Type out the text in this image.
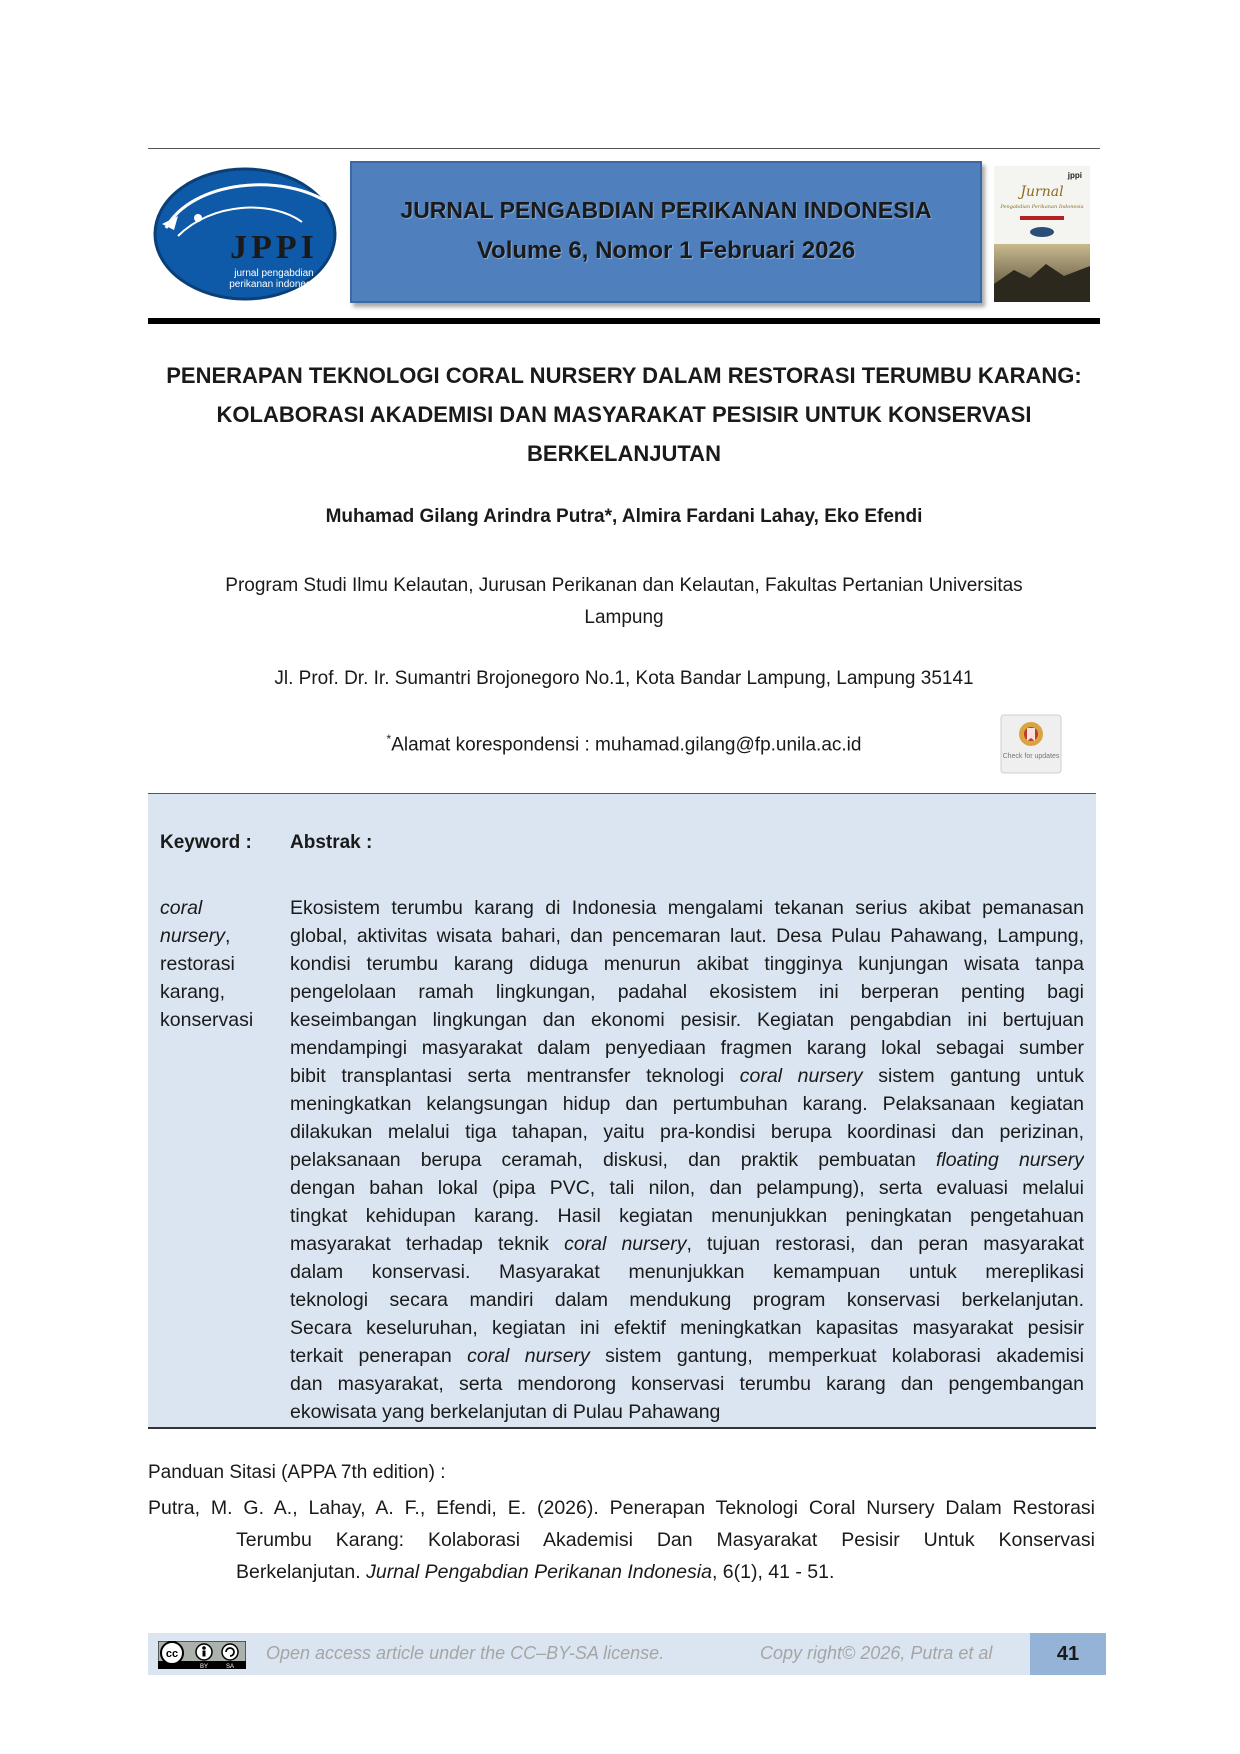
JPPI
jurnal pengabdian
perikanan indonesia
JURNAL PENGABDIAN PERIKANAN INDONESIA
Volume 6, Nomor 1 Februari 2026
jppi
Jurnal
Pengabdian Perikanan Indonesia
PENERAPAN TEKNOLOGI CORAL NURSERY DALAM RESTORASI TERUMBU KARANG:
KOLABORASI AKADEMISI DAN MASYARAKAT PESISIR UNTUK KONSERVASI
BERKELANJUTAN
Muhamad Gilang Arindra Putra*, Almira Fardani Lahay, Eko Efendi
Program Studi Ilmu Kelautan, Jurusan Perikanan dan Kelautan, Fakultas Pertanian Universitas
Lampung
Jl. Prof. Dr. Ir. Sumantri Brojonegoro No.1, Kota Bandar Lampung, Lampung 35141
*Alamat korespondensi : muhamad.gilang@fp.unila.ac.id
Check for updates
Keyword : Abstrak :
coral
nursery,
restorasi
karang,
konservasi
Ekosistem terumbu karang di Indonesia mengalami tekanan serius akibat pemanasan
global, aktivitas wisata bahari, dan pencemaran laut. Desa Pulau Pahawang, Lampung,
kondisi terumbu karang diduga menurun akibat tingginya kunjungan wisata tanpa
pengelolaan ramah lingkungan, padahal ekosistem ini berperan penting bagi
keseimbangan lingkungan dan ekonomi pesisir. Kegiatan pengabdian ini bertujuan
mendampingi masyarakat dalam penyediaan fragmen karang lokal sebagai sumber
bibit transplantasi serta mentransfer teknologi coral nursery sistem gantung untuk
meningkatkan kelangsungan hidup dan pertumbuhan karang. Pelaksanaan kegiatan
dilakukan melalui tiga tahapan, yaitu pra-kondisi berupa koordinasi dan perizinan,
pelaksanaan berupa ceramah, diskusi, dan praktik pembuatan floating nursery
dengan bahan lokal (pipa PVC, tali nilon, dan pelampung), serta evaluasi melalui
tingkat kehidupan karang. Hasil kegiatan menunjukkan peningkatan pengetahuan
masyarakat terhadap teknik coral nursery, tujuan restorasi, dan peran masyarakat
dalam konservasi. Masyarakat menunjukkan kemampuan untuk mereplikasi
teknologi secara mandiri dalam mendukung program konservasi berkelanjutan.
Secara keseluruhan, kegiatan ini efektif meningkatkan kapasitas masyarakat pesisir
terkait penerapan coral nursery sistem gantung, memperkuat kolaborasi akademisi
dan masyarakat, serta mendorong konservasi terumbu karang dan pengembangan
ekowisata yang berkelanjutan di Pulau Pahawang
Panduan Sitasi (APPA 7th edition) :
Putra, M. G. A., Lahay, A. F., Efendi, E. (2026). Penerapan Teknologi Coral Nursery Dalam Restorasi
Terumbu Karang: Kolaborasi Akademisi Dan Masyarakat Pesisir Untuk Konservasi
Berkelanjutan. Jurnal Pengabdian Perikanan Indonesia, 6(1), 41 - 51.
cc
BY	SA
Open access article under the CC–BY-SA license.	Copy right© 2026, Putra et al	41
